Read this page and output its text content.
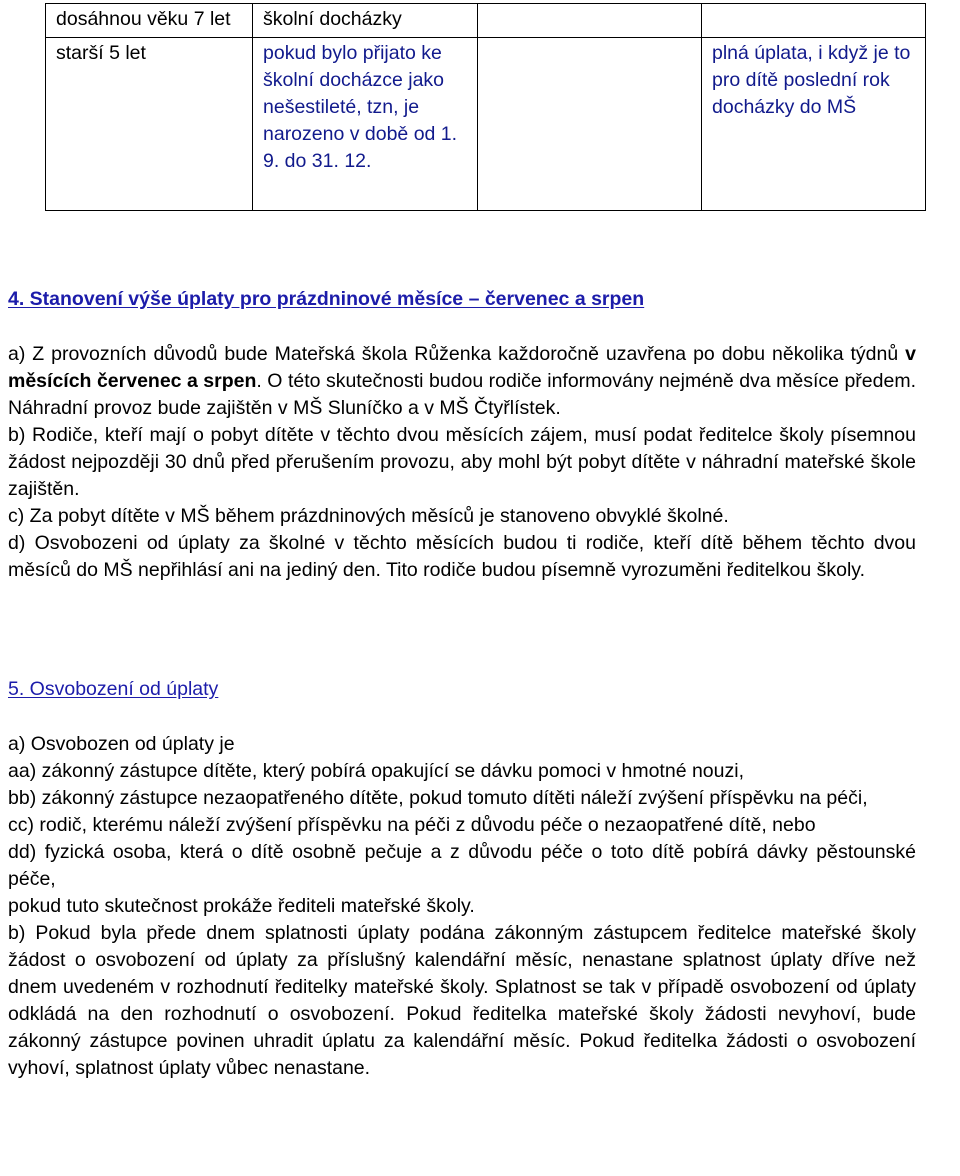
dosáhnou věku 7 let	školní docházky		
starší 5 let	pokud bylo přijato ke školní docházce jako nešestileté, tzn, je narozeno v době od 1. 9. do 31. 12.		plná úplata, i když je to pro dítě poslední rok docházky do MŠ
4. Stanovení výše úplaty pro prázdninové měsíce – červenec a srpen

a) Z provozních důvodů bude Mateřská škola Růženka každoročně uzavřena po dobu několika týdnů v měsících červenec a srpen. O této skutečnosti budou rodiče informovány nejméně dva měsíce předem. Náhradní provoz bude zajištěn v MŠ Sluníčko a v MŠ Čtyřlístek.

b) Rodiče, kteří mají o pobyt dítěte v těchto dvou měsících zájem, musí podat ředitelce školy písemnou žádost nejpozději 30 dnů před přerušením provozu, aby mohl být pobyt dítěte v náhradní mateřské škole zajištěn.

c) Za pobyt dítěte v MŠ během prázdninových měsíců je stanoveno obvyklé školné.

d) Osvobozeni od úplaty za školné v těchto měsících budou ti rodiče, kteří dítě během těchto dvou měsíců do MŠ nepřihlásí ani na jediný den. Tito rodiče budou písemně vyrozuměni ředitelkou školy.

5. Osvobození od úplaty

a) Osvobozen od úplaty je

aa) zákonný zástupce dítěte, který pobírá opakující se dávku pomoci v hmotné nouzi,

bb) zákonný zástupce nezaopatřeného dítěte, pokud tomuto dítěti náleží zvýšení příspěvku na péči,

cc) rodič, kterému náleží zvýšení příspěvku na péči z důvodu péče o nezaopatřené dítě, nebo

dd) fyzická osoba, která o dítě osobně pečuje a z důvodu péče o toto dítě pobírá dávky pěstounské péče,

pokud tuto skutečnost prokáže řediteli mateřské školy.

b) Pokud byla přede dnem splatnosti úplaty podána zákonným zástupcem ředitelce mateřské školy žádost o osvobození od úplaty za příslušný kalendářní měsíc, nenastane splatnost úplaty dříve než dnem uvedeném v rozhodnutí ředitelky mateřské školy. Splatnost se tak v případě osvobození od úplaty odkládá na den rozhodnutí o osvobození. Pokud ředitelka mateřské školy žádosti nevyhoví, bude zákonný zástupce povinen uhradit úplatu za kalendářní měsíc. Pokud ředitelka žádosti o osvobození vyhoví, splatnost úplaty vůbec nenastane.
